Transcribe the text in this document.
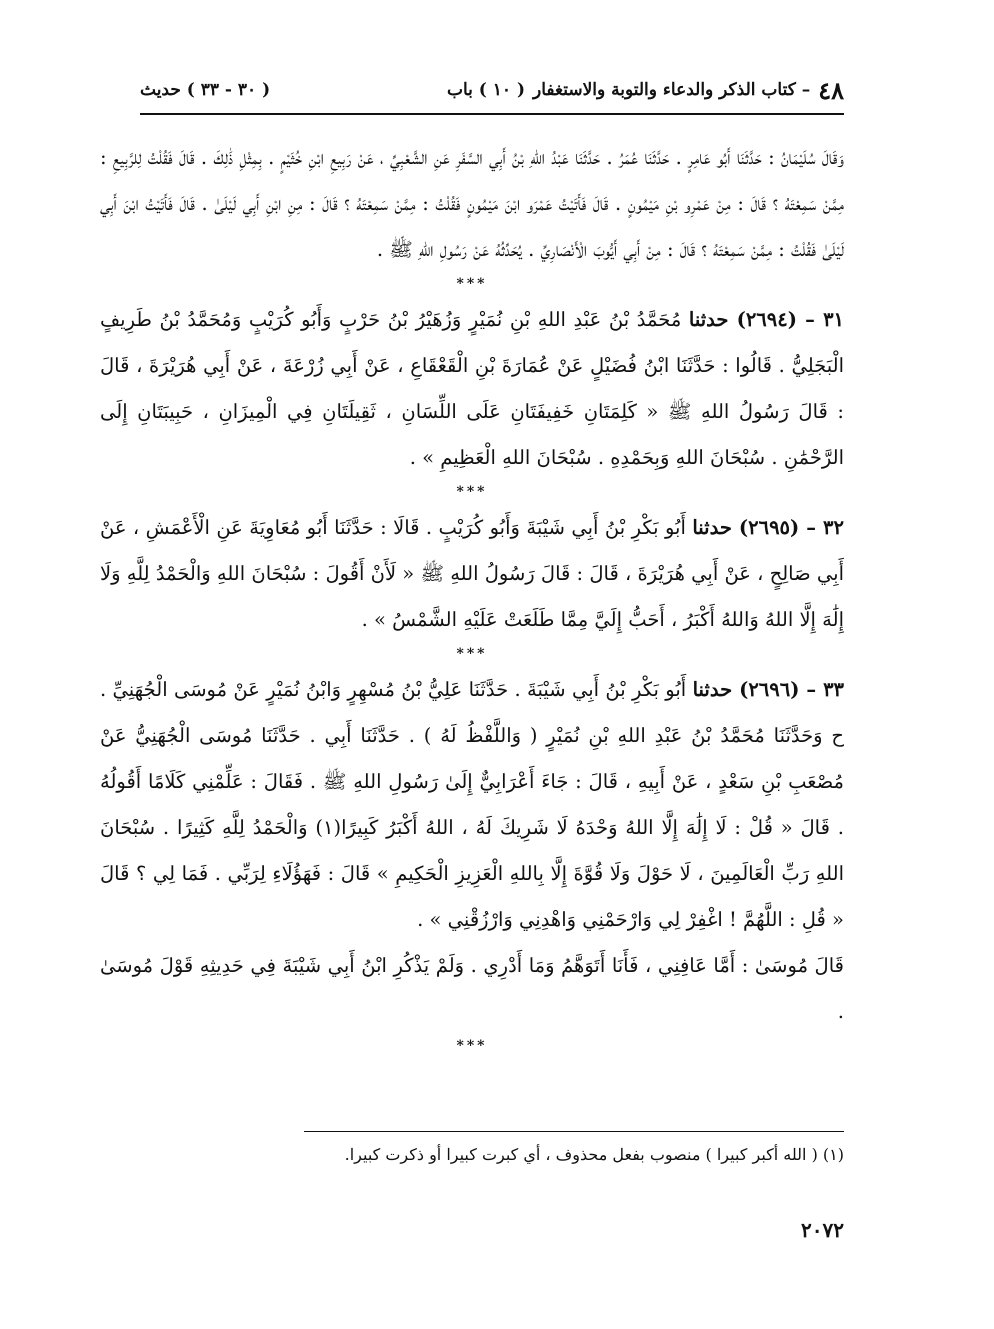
٤٨
– كتاب الذكر والدعاء والتوبة والاستغفار
( ١٠ ) باب
( ٣٠ - ٣٣ ) حديث

وَقَالَ سُلَيْمَانُ : حَدَّثَنَا أَبُو عَامِرٍ . حَدَّثَنَا عُمَرُ . حَدَّثَنَا عَبْدُ اللهِ بْنُ أَبِي السَّفَرِ عَنِ الشَّعْبِيِّ ، عَنْ رَبِيعِ ابْنِ خُثَيْمٍ . بِمِثْلِ ذَٰلِكَ . قَالَ فَقُلْتُ لِلرَّبِيعِ : مِمَّنْ سَمِعْتَهُ ؟ قَالَ : مِنْ عَمْرِو بْنِ مَيْمُونٍ . قَالَ فَأَتَيْتُ عَمْرَو ابْنَ مَيْمُونٍ فَقُلْتُ : مِمَّنْ سَمِعْتَهُ ؟ قَالَ : مِنِ ابْنِ أَبِي لَيْلَىٰ . قَالَ فَأَتَيْتُ ابْنَ أَبِي لَيْلَىٰ فَقُلْتُ : مِمَّنْ سَمِعْتَهُ ؟ قَالَ : مِنْ أَبِي أَيُّوبَ الْأَنْصَارِيِّ . يُحَدِّثُهُ عَنْ رَسُولِ اللهِ ﷺ .

***

٣١ – (٢٦٩٤) حدثنا مُحَمَّدُ بْنُ عَبْدِ اللهِ بْنِ نُمَيْرٍ وَزُهَيْرُ بْنُ حَرْبٍ وَأَبُو كُرَيْبٍ وَمُحَمَّدُ بْنُ طَرِيفٍ الْبَجَلِيُّ . قَالُوا : حَدَّثَنَا ابْنُ فُضَيْلٍ عَنْ عُمَارَةَ بْنِ الْقَعْقَاعِ ، عَنْ أَبِي زُرْعَةَ ، عَنْ أَبِي هُرَيْرَةَ ، قَالَ : قَالَ رَسُولُ اللهِ ﷺ « كَلِمَتَانِ خَفِيفَتَانِ عَلَى اللِّسَانِ ، ثَقِيلَتَانِ فِي الْمِيزَانِ ، حَبِيبَتَانِ إِلَى الرَّحْمَٰنِ . سُبْحَانَ اللهِ وَبِحَمْدِهِ . سُبْحَانَ اللهِ الْعَظِيمِ » .

***

٣٢ – (٢٦٩٥) حدثنا أَبُو بَكْرِ بْنُ أَبِي شَيْبَةَ وَأَبُو كُرَيْبٍ . قَالَا : حَدَّثَنَا أَبُو مُعَاوِيَةَ عَنِ الْأَعْمَشِ ، عَنْ أَبِي صَالِحٍ ، عَنْ أَبِي هُرَيْرَةَ ، قَالَ : قَالَ رَسُولُ اللهِ ﷺ « لَأَنْ أَقُولَ : سُبْحَانَ اللهِ وَالْحَمْدُ لِلَّهِ وَلَا إِلَٰهَ إِلَّا اللهُ وَاللهُ أَكْبَرُ ، أَحَبُّ إِلَيَّ مِمَّا طَلَعَتْ عَلَيْهِ الشَّمْسُ » .

***

٣٣ – (٢٦٩٦) حدثنا أَبُو بَكْرِ بْنُ أَبِي شَيْبَةَ . حَدَّثَنَا عَلِيُّ بْنُ مُسْهِرٍ وَابْنُ نُمَيْرٍ عَنْ مُوسَى الْجُهَنِيِّ . ح وَحَدَّثَنَا مُحَمَّدُ بْنُ عَبْدِ اللهِ بْنِ نُمَيْرٍ ( وَاللَّفْظُ لَهُ ) . حَدَّثَنَا أَبِي . حَدَّثَنَا مُوسَى الْجُهَنِيُّ عَنْ مُصْعَبِ بْنِ سَعْدٍ ، عَنْ أَبِيهِ ، قَالَ : جَاءَ أَعْرَابِيٌّ إِلَىٰ رَسُولِ اللهِ ﷺ . فَقَالَ : عَلِّمْنِي كَلَامًا أَقُولُهُ . قَالَ « قُلْ : لَا إِلَٰهَ إِلَّا اللهُ وَحْدَهُ لَا شَرِيكَ لَهُ ، اللهُ أَكْبَرُ كَبِيرًا(١) وَالْحَمْدُ لِلَّهِ كَثِيرًا . سُبْحَانَ اللهِ رَبِّ الْعَالَمِينَ ، لَا حَوْلَ وَلَا قُوَّةَ إِلَّا بِاللهِ الْعَزِيزِ الْحَكِيمِ » قَالَ : فَهَؤُلَاءِ لِرَبِّي . فَمَا لِي ؟ قَالَ « قُلِ : اللَّهُمَّ ! اغْفِرْ لِي وَارْحَمْنِي وَاهْدِنِي وَارْزُقْنِي » .

قَالَ مُوسَىٰ : أَمَّا عَافِنِي ، فَأَنَا أَتَوَهَّمُ وَمَا أَدْرِي . وَلَمْ يَذْكُرِ ابْنُ أَبِي شَيْبَةَ فِي حَدِيثِهِ قَوْلَ مُوسَىٰ .

***
(١) ( الله أكبر كبيرا ) منصوب بفعل محذوف ، أي كبرت كبيرا أو ذكرت كبيرا.
٢٠٧٢
